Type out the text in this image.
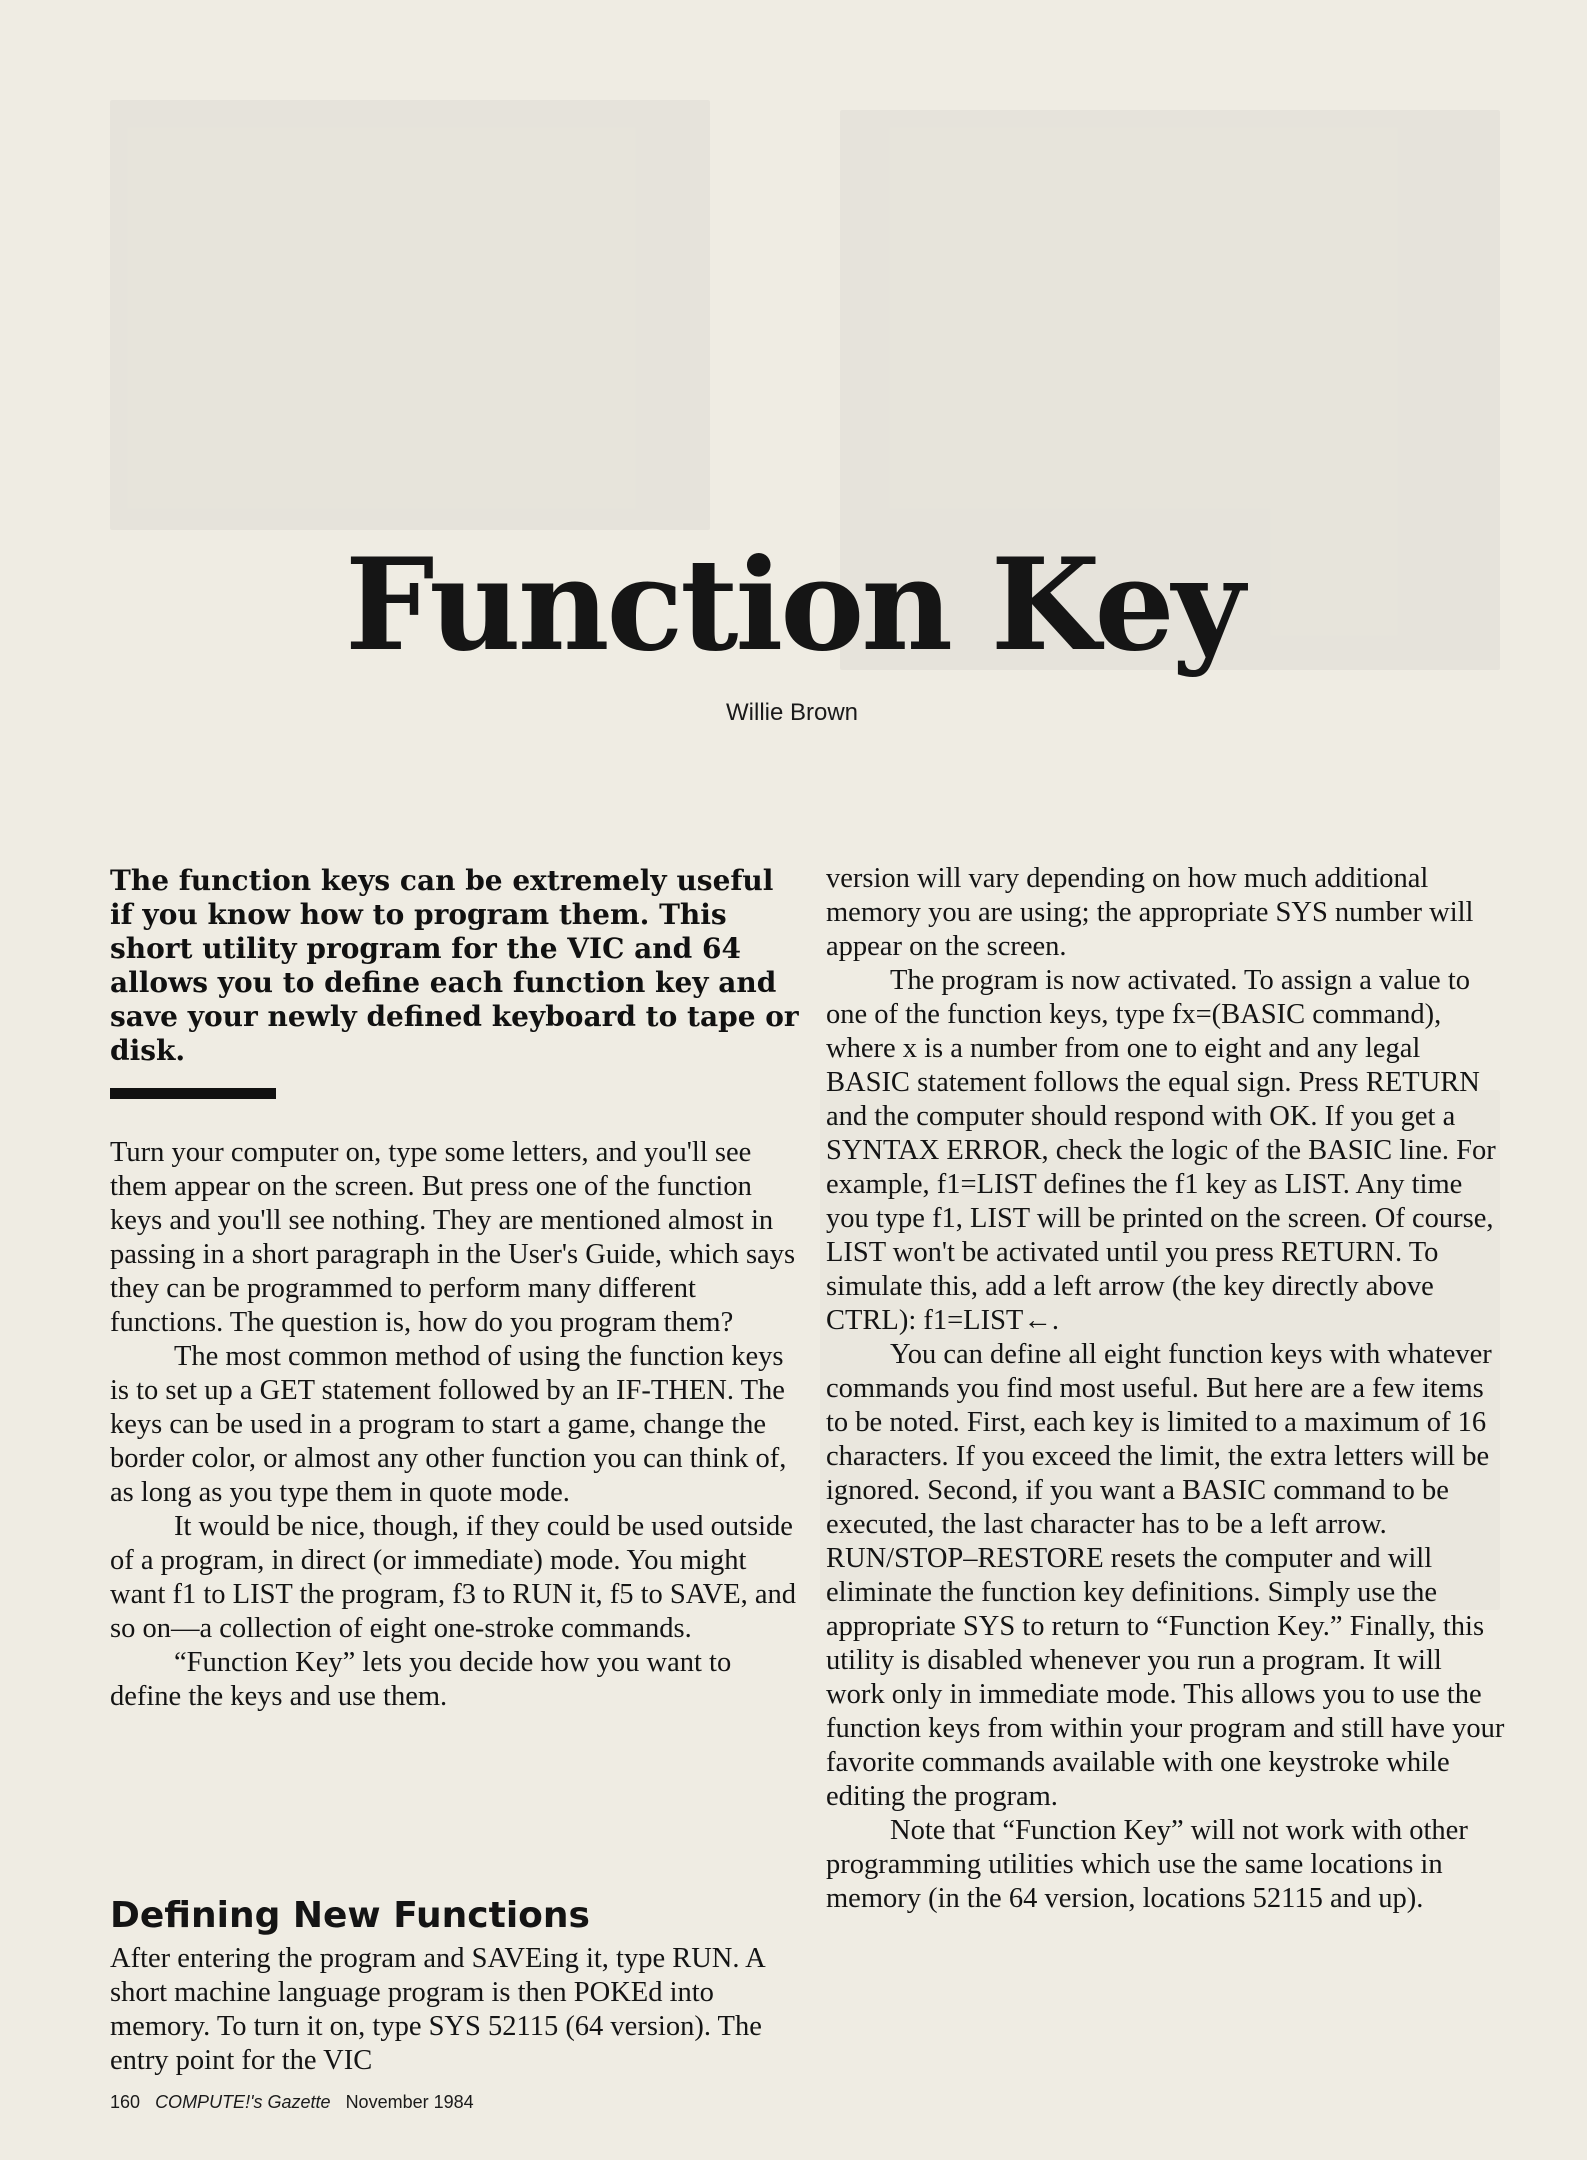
Function Key
Willie Brown
The function keys can be extremely useful if you know how to program them. This short utility program for the VIC and 64 allows you to define each function key and save your newly defined keyboard to tape or disk.

Turn your computer on, type some letters, and you'll see them appear on the screen. But press one of the function keys and you'll see nothing. They are mentioned almost in passing in a short paragraph in the User's Guide, which says they can be programmed to perform many different functions. The question is, how do you program them?

The most common method of using the function keys is to set up a GET statement followed by an IF-THEN. The keys can be used in a program to start a game, change the border color, or almost any other function you can think of, as long as you type them in quote mode.

It would be nice, though, if they could be used outside of a program, in direct (or immediate) mode. You might want f1 to LIST the program, f3 to RUN it, f5 to SAVE, and so on—a collection of eight one-stroke commands.

“Function Key” lets you decide how you want to define the keys and use them.

Defining New Functions

After entering the program and SAVEing it, type RUN. A short machine language program is then POKEd into memory. To turn it on, type SYS 52115 (64 version). The entry point for the VIC

version will vary depending on how much additional memory you are using; the appropriate SYS number will appear on the screen.

The program is now activated. To assign a value to one of the function keys, type fx=(BASIC command), where x is a number from one to eight and any legal BASIC statement follows the equal sign. Press RETURN and the computer should respond with OK. If you get a SYNTAX ERROR, check the logic of the BASIC line. For example, f1=LIST defines the f1 key as LIST. Any time you type f1, LIST will be printed on the screen. Of course, LIST won't be activated until you press RETURN. To simulate this, add a left arrow (the key directly above CTRL): f1=LIST←.

You can define all eight function keys with whatever commands you find most useful. But here are a few items to be noted. First, each key is limited to a maximum of 16 characters. If you exceed the limit, the extra letters will be ignored. Second, if you want a BASIC command to be executed, the last character has to be a left arrow. RUN/STOP–RESTORE resets the computer and will eliminate the function key definitions. Simply use the appropriate SYS to return to “Function Key.” Finally, this utility is disabled whenever you run a program. It will work only in immediate mode. This allows you to use the function keys from within your program and still have your favorite commands available with one keystroke while editing the program.

Note that “Function Key” will not work with other programming utilities which use the same locations in memory (in the 64 version, locations 52115 and up).

160 COMPUTE!'s Gazette November 1984
